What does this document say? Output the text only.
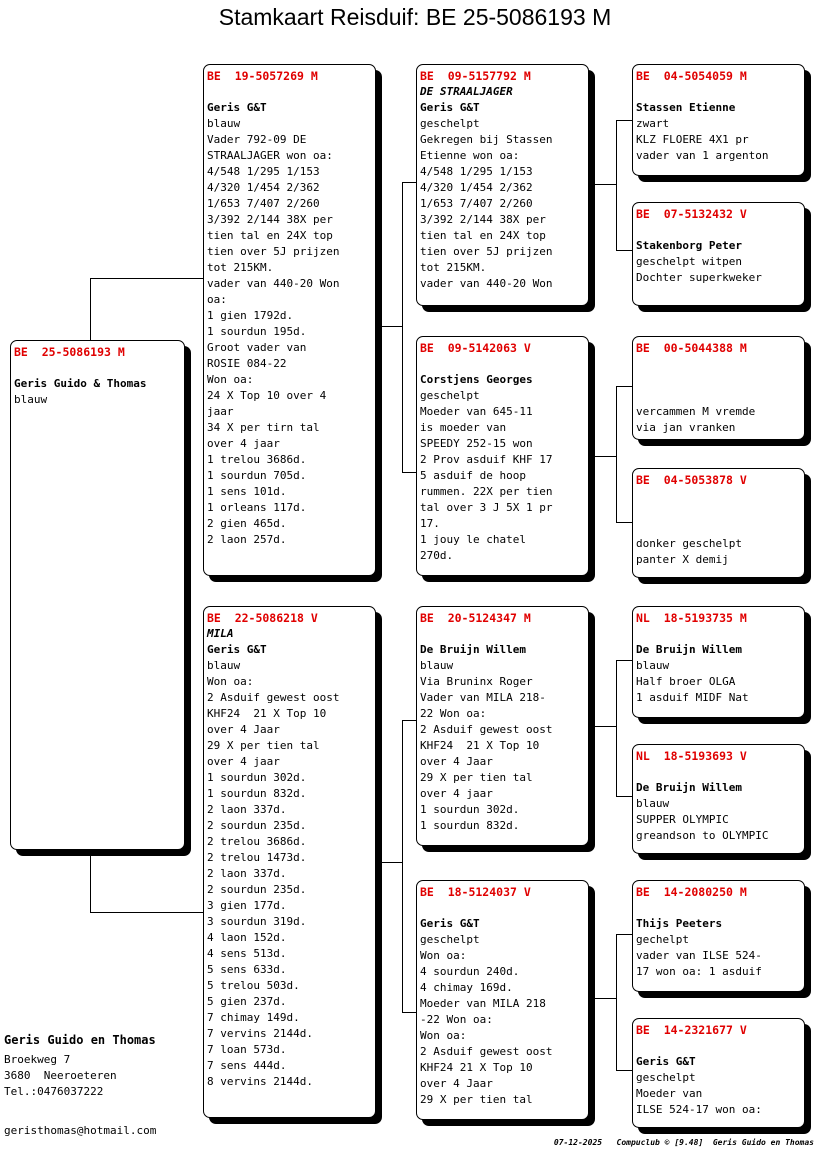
Stamkaart Reisduif: BE 25-5086193 M
BE  25-5086193 M
Geris Guido & Thomas
blauw
BE  19-5057269 M
Geris G&T
blauw
Vader 792-09 DE
STRAALJAGER won oa:
4/548 1/295 1/153
4/320 1/454 2/362
1/653 7/407 2/260
3/392 2/144 38X per
tien tal en 24X top
tien over 5J prijzen
tot 215KM.
vader van 440-20 Won
oa:
1 gien 1792d.
1 sourdun 195d.
Groot vader van
ROSIE 084-22
Won oa:
24 X Top 10 over 4
jaar
34 X per tirn tal
over 4 jaar
1 trelou 3686d.
1 sourdun 705d.
1 sens 101d.
1 orleans 117d.
2 gien 465d.
2 laon 257d.
BE  22-5086218 V
MILA
Geris G&T
blauw
Won oa:
2 Asduif gewest oost
KHF24  21 X Top 10
over 4 Jaar
29 X per tien tal
over 4 jaar
1 sourdun 302d.
1 sourdun 832d.
2 laon 337d.
2 sourdun 235d.
2 trelou 3686d.
2 trelou 1473d.
2 laon 337d.
2 sourdun 235d.
3 gien 177d.
3 sourdun 319d.
4 laon 152d.
4 sens 513d.
5 sens 633d.
5 trelou 503d.
5 gien 237d.
7 chimay 149d.
7 vervins 2144d.
7 loan 573d.
7 sens 444d.
8 vervins 2144d.
BE  09-5157792 M
DE STRAALJAGER
Geris G&T
geschelpt
Gekregen bij Stassen
Etienne won oa:
4/548 1/295 1/153
4/320 1/454 2/362
1/653 7/407 2/260
3/392 2/144 38X per
tien tal en 24X top
tien over 5J prijzen
tot 215KM.
vader van 440-20 Won
BE  09-5142063 V
Corstjens Georges
geschelpt
Moeder van 645-11
is moeder van
SPEEDY 252-15 won
2 Prov asduif KHF 17
5 asduif de hoop
rummen. 22X per tien
tal over 3 J 5X 1 pr
17.
1 jouy le chatel
270d.
BE  20-5124347 M
De Bruijn Willem
blauw
Via Bruninx Roger
Vader van MILA 218-
22 Won oa:
2 Asduif gewest oost
KHF24  21 X Top 10
over 4 Jaar
29 X per tien tal
over 4 jaar
1 sourdun 302d.
1 sourdun 832d.
BE  18-5124037 V
Geris G&T
geschelpt
Won oa:
4 sourdun 240d.
4 chimay 169d.
Moeder van MILA 218
-22 Won oa:
Won oa:
2 Asduif gewest oost
KHF24 21 X Top 10
over 4 Jaar
29 X per tien tal
BE  04-5054059 M
Stassen Etienne
zwart
KLZ FLOERE 4X1 pr
vader van 1 argenton
BE  07-5132432 V
Stakenborg Peter
geschelpt witpen
Dochter superkweker
BE  00-5044388 M
vercammen M vremde
via jan vranken
BE  04-5053878 V
donker geschelpt
panter X demij
NL  18-5193735 M
De Bruijn Willem
blauw
Half broer OLGA
1 asduif MIDF Nat
NL  18-5193693 V
De Bruijn Willem
blauw
SUPPER OLYMPIC
greandson to OLYMPIC
BE  14-2080250 M
Thijs Peeters
gechelpt
vader van ILSE 524-
17 won oa: 1 asduif
BE  14-2321677 V
Geris G&T
geschelpt
Moeder van
ILSE 524-17 won oa:
Geris Guido en Thomas
Broekweg 7
3680  Neeroeteren
Tel.:0476037222
geristhomas@hotmail.com
07-12-2025   Compuclub © [9.48]  Geris Guido en Thomas
